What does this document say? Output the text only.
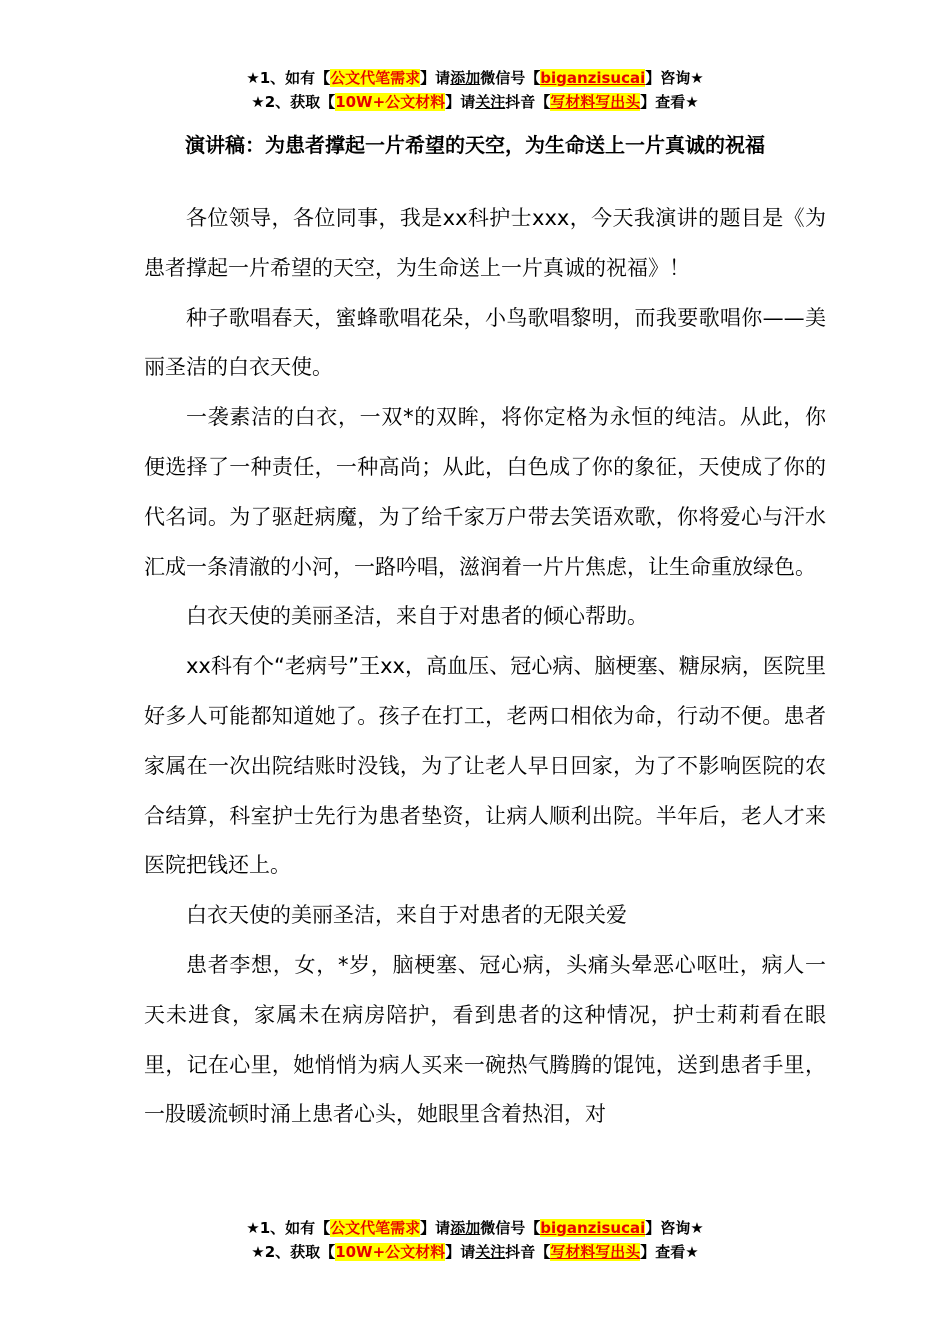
★1、如有【公文代笔需求】请添加微信号【biganzisucai】咨询★
★2、获取【10W+公文材料】请关注抖音【写材料写出头】查看★
演讲稿：为患者撑起一片希望的天空，为生命送上一片真诚的祝福

各位领导，各位同事，我是xx科护士xxx，今天我演讲的题目是《为患者撑起一片希望的天空，为生命送上一片真诚的祝福》！

种子歌唱春天，蜜蜂歌唱花朵，小鸟歌唱黎明，而我要歌唱你——美丽圣洁的白衣天使。

一袭素洁的白衣，一双*的双眸，将你定格为永恒的纯洁。从此，你便选择了一种责任，一种高尚；从此，白色成了你的象征，天使成了你的代名词。为了驱赶病魔，为了给千家万户带去笑语欢歌，你将爱心与汗水汇成一条清澈的小河，一路吟唱，滋润着一片片焦虑，让生命重放绿色。

白衣天使的美丽圣洁，来自于对患者的倾心帮助。

xx科有个“老病号”王xx，高血压、冠心病、脑梗塞、糖尿病，医院里好多人可能都知道她了。孩子在打工，老两口相依为命，行动不便。患者家属在一次出院结账时没钱，为了让老人早日回家，为了不影响医院的农合结算，科室护士先行为患者垫资，让病人顺利出院。半年后，老人才来医院把钱还上。

白衣天使的美丽圣洁，来自于对患者的无限关爱

患者李想，女，*岁，脑梗塞、冠心病，头痛头晕恶心呕吐，病人一天未进食，家属未在病房陪护，看到患者的这种情况，护士莉莉看在眼里，记在心里，她悄悄为病人买来一碗热气腾腾的馄饨，送到患者手里，一股暖流顿时涌上患者心头，她眼里含着热泪，对

★1、如有【公文代笔需求】请添加微信号【biganzisucai】咨询★
★2、获取【10W+公文材料】请关注抖音【写材料写出头】查看★
